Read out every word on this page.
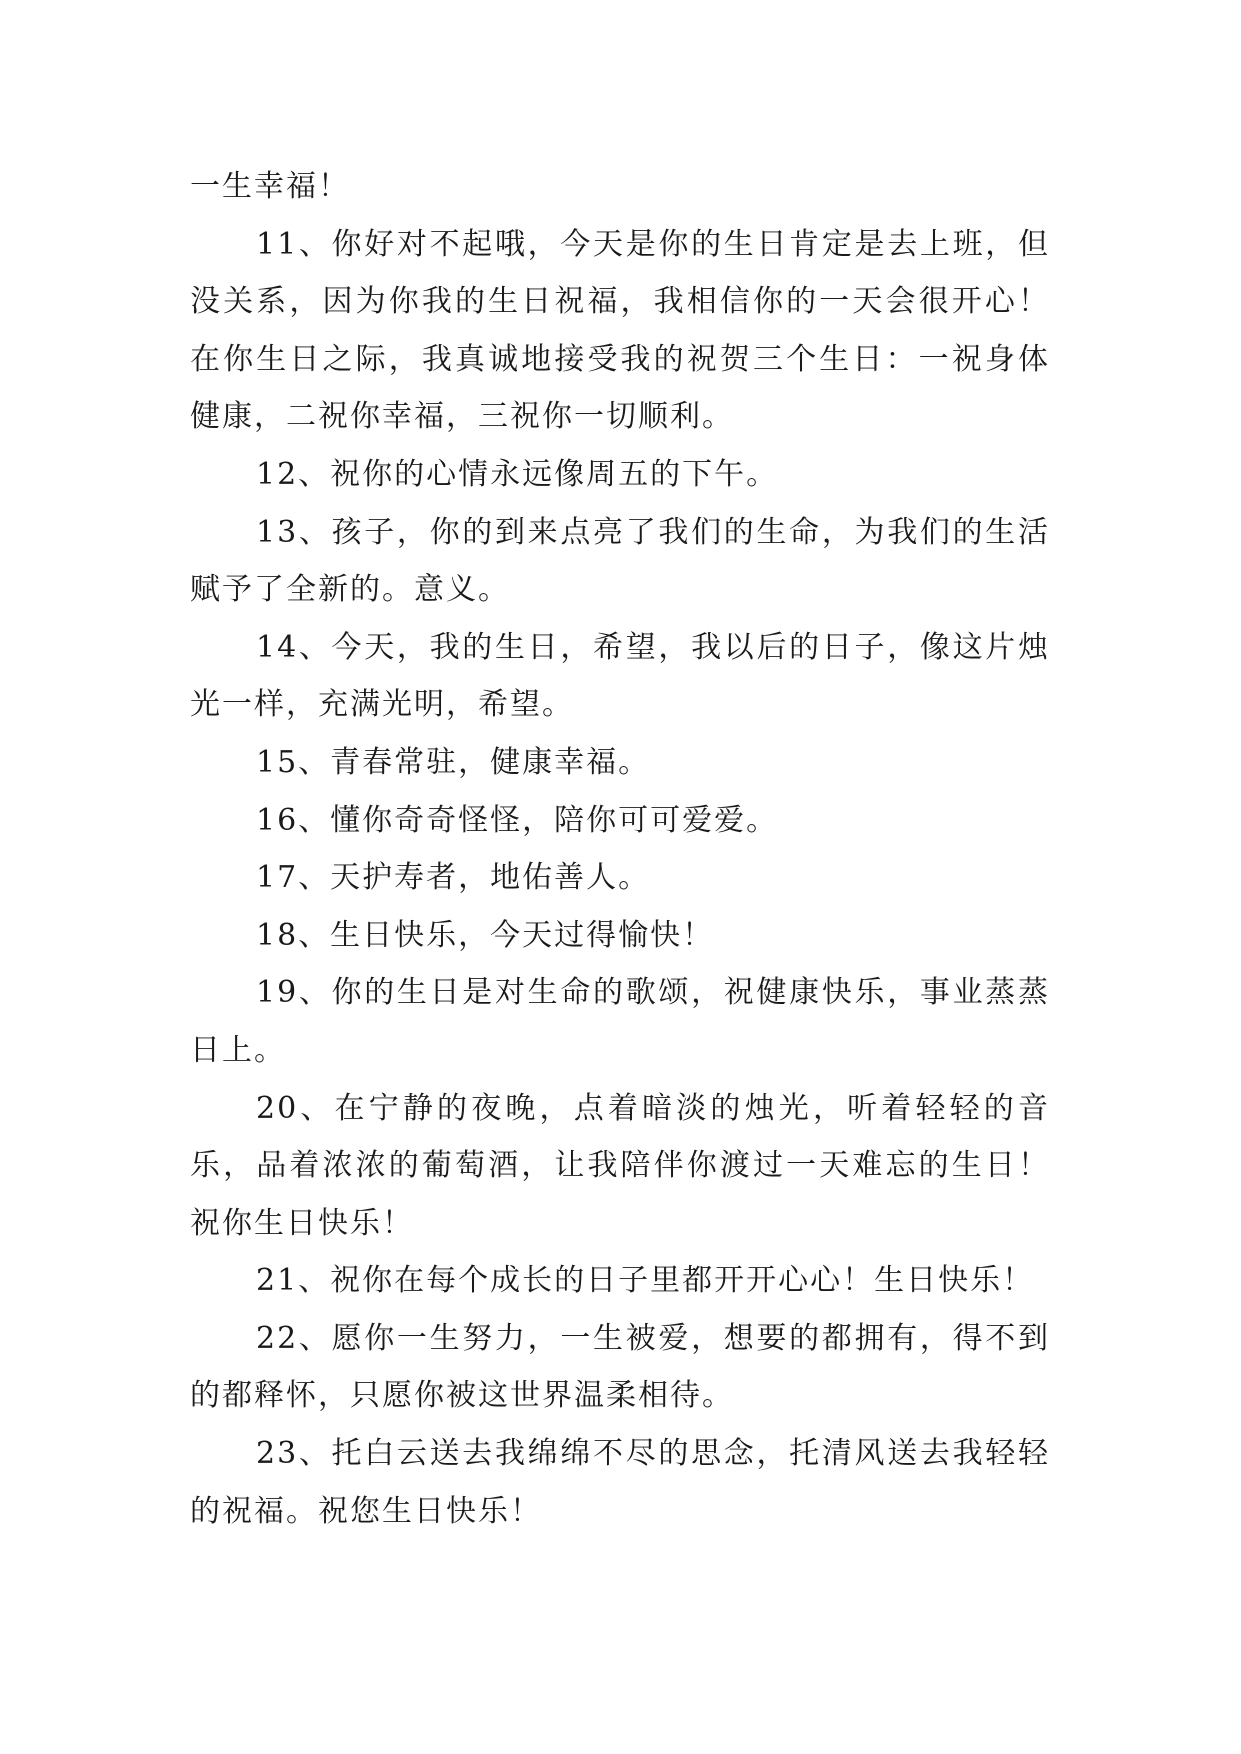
一生幸福！

11、你好对不起哦，今天是你的生日肯定是去上班，但没关系，因为你我的生日祝福，我相信你的一天会很开心！在你生日之际，我真诚地接受我的祝贺三个生日：一祝身体健康，二祝你幸福，三祝你一切顺利。

12、祝你的心情永远像周五的下午。

13、孩子，你的到来点亮了我们的生命，为我们的生活赋予了全新的。意义。

14、今天，我的生日，希望，我以后的日子，像这片烛光一样，充满光明，希望。

15、青春常驻，健康幸福。

16、懂你奇奇怪怪，陪你可可爱爱。

17、天护寿者，地佑善人。

18、生日快乐，今天过得愉快！

19、你的生日是对生命的歌颂，祝健康快乐，事业蒸蒸日上。

20、在宁静的夜晚，点着暗淡的烛光，听着轻轻的音乐，品着浓浓的葡萄酒，让我陪伴你渡过一天难忘的生日！祝你生日快乐！

21、祝你在每个成长的日子里都开开心心！生日快乐！

22、愿你一生努力，一生被爱，想要的都拥有，得不到的都释怀，只愿你被这世界温柔相待。

23、托白云送去我绵绵不尽的思念，托清风送去我轻轻的祝福。祝您生日快乐！
